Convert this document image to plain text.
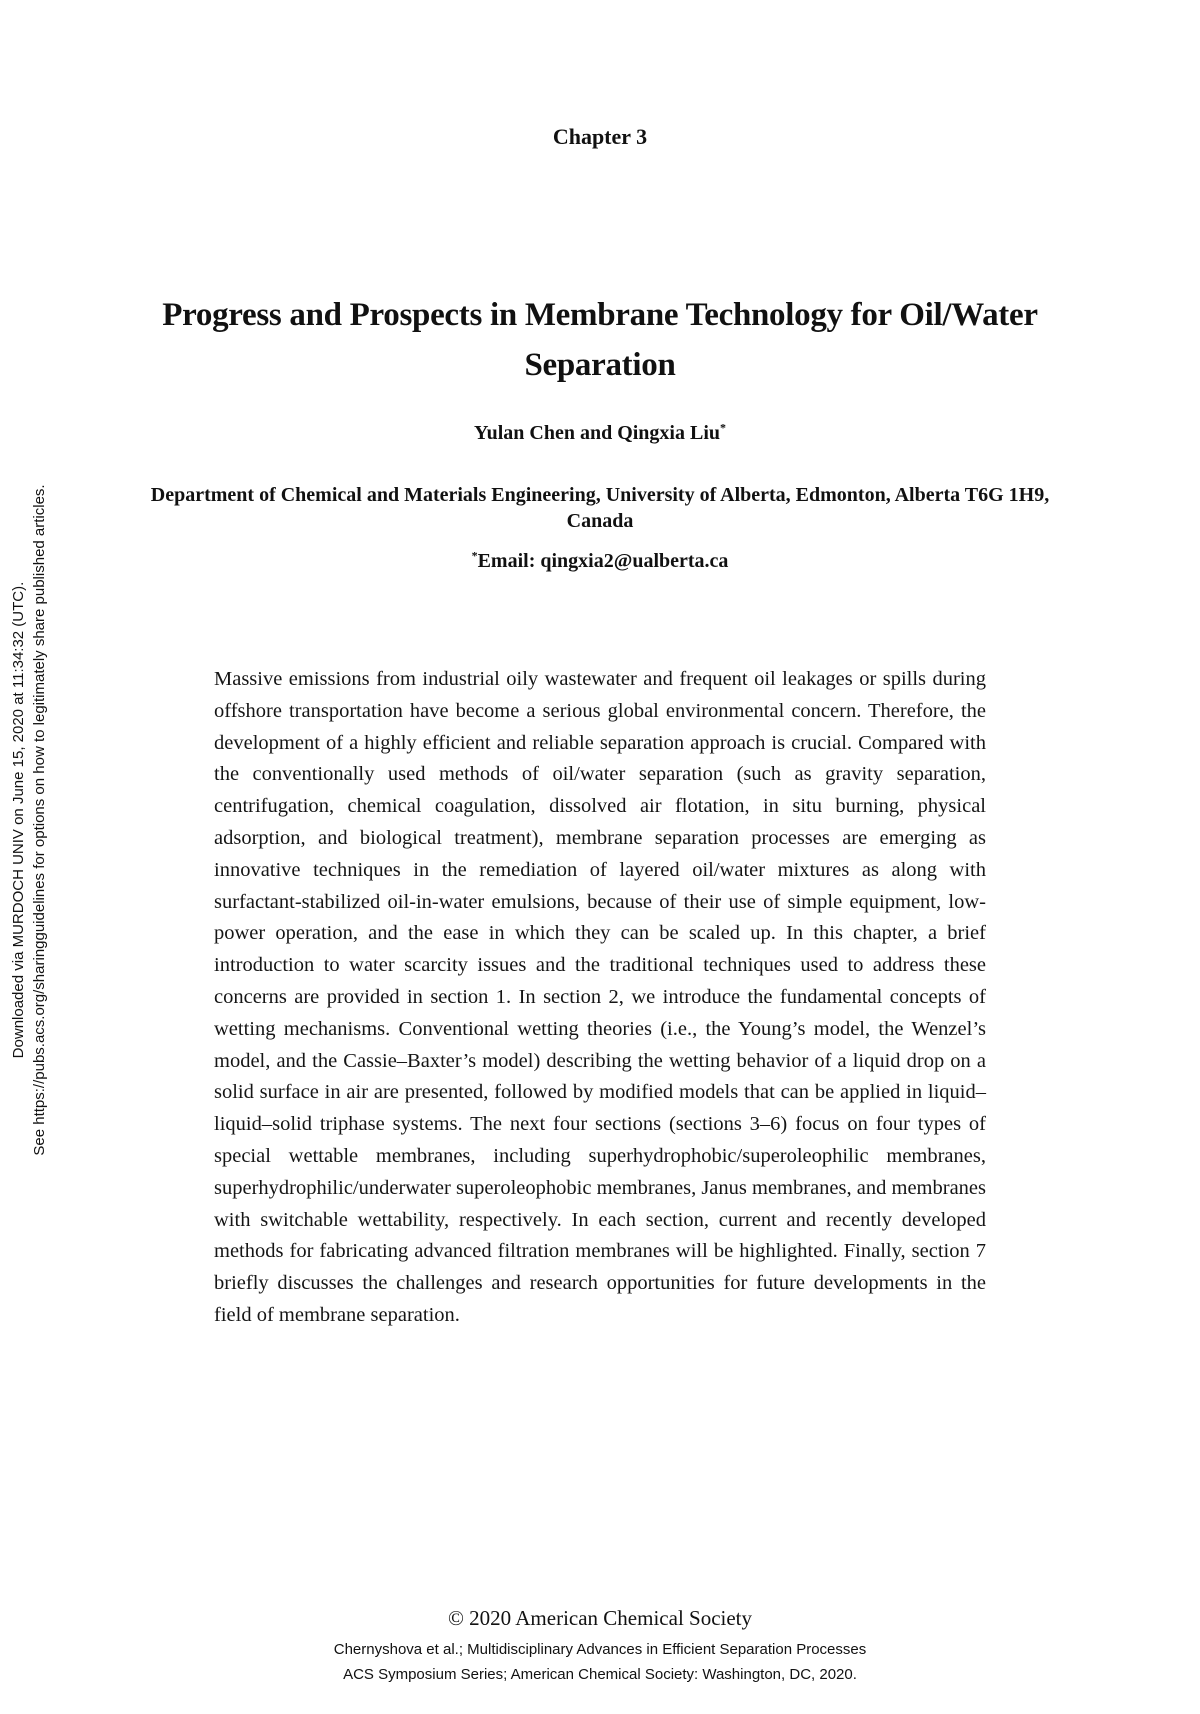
Downloaded via MURDOCH UNIV on June 15, 2020 at 11:34:32 (UTC). See https://pubs.acs.org/sharingguidelines for options on how to legitimately share published articles.
Chapter 3
Progress and Prospects in Membrane Technology for Oil/Water Separation
Yulan Chen and Qingxia Liu*
Department of Chemical and Materials Engineering, University of Alberta, Edmonton, Alberta T6G 1H9, Canada
*Email: qingxia2@ualberta.ca
Massive emissions from industrial oily wastewater and frequent oil leakages or spills during offshore transportation have become a serious global environmental concern. Therefore, the development of a highly efficient and reliable separation approach is crucial. Compared with the conventionally used methods of oil/water separation (such as gravity separation, centrifugation, chemical coagulation, dissolved air flotation, in situ burning, physical adsorption, and biological treatment), membrane separation processes are emerging as innovative techniques in the remediation of layered oil/water mixtures as along with surfactant-stabilized oil-in-water emulsions, because of their use of simple equipment, low-power operation, and the ease in which they can be scaled up. In this chapter, a brief introduction to water scarcity issues and the traditional techniques used to address these concerns are provided in section 1. In section 2, we introduce the fundamental concepts of wetting mechanisms. Conventional wetting theories (i.e., the Young’s model, the Wenzel’s model, and the Cassie–Baxter’s model) describing the wetting behavior of a liquid drop on a solid surface in air are presented, followed by modified models that can be applied in liquid–liquid–solid triphase systems. The next four sections (sections 3–6) focus on four types of special wettable membranes, including superhydrophobic/superoleophilic membranes, superhydrophilic/underwater superoleophobic membranes, Janus membranes, and membranes with switchable wettability, respectively. In each section, current and recently developed methods for fabricating advanced filtration membranes will be highlighted. Finally, section 7 briefly discusses the challenges and research opportunities for future developments in the field of membrane separation.
© 2020 American Chemical Society
Chernyshova et al.; Multidisciplinary Advances in Efficient Separation Processes
ACS Symposium Series; American Chemical Society: Washington, DC, 2020.
